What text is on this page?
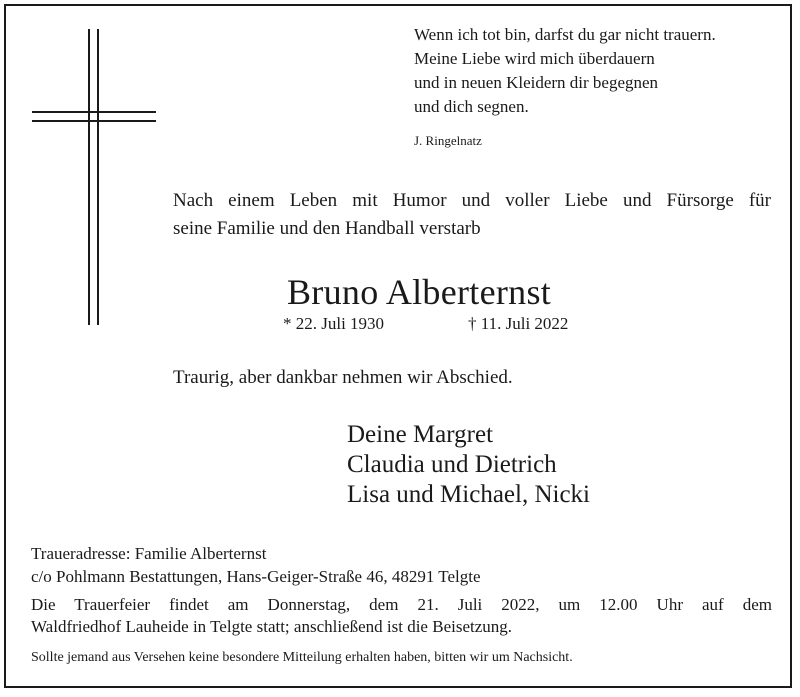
Wenn ich tot bin, darfst du gar nicht trauern.
Meine Liebe wird mich überdauern
und in neuen Kleidern dir begegnen
und dich segnen.
J. Ringelnatz
Nach einem Leben mit Humor und voller Liebe und Fürsorge für
seine Familie und den Handball verstarb
Bruno Alberternst
* 22. Juli 1930	† 11. Juli 2022
Traurig, aber dankbar nehmen wir Abschied.
Deine Margret
Claudia und Dietrich
Lisa und Michael, Nicki
Traueradresse: Familie Alberternst
c/o Pohlmann Bestattungen, Hans-Geiger-Straße 46, 48291 Telgte
Die Trauerfeier findet am Donnerstag, dem 21. Juli 2022, um 12.00 Uhr auf dem
Waldfriedhof Lauheide in Telgte statt; anschließend ist die Beisetzung.
Sollte jemand aus Versehen keine besondere Mitteilung erhalten haben, bitten wir um Nachsicht.
